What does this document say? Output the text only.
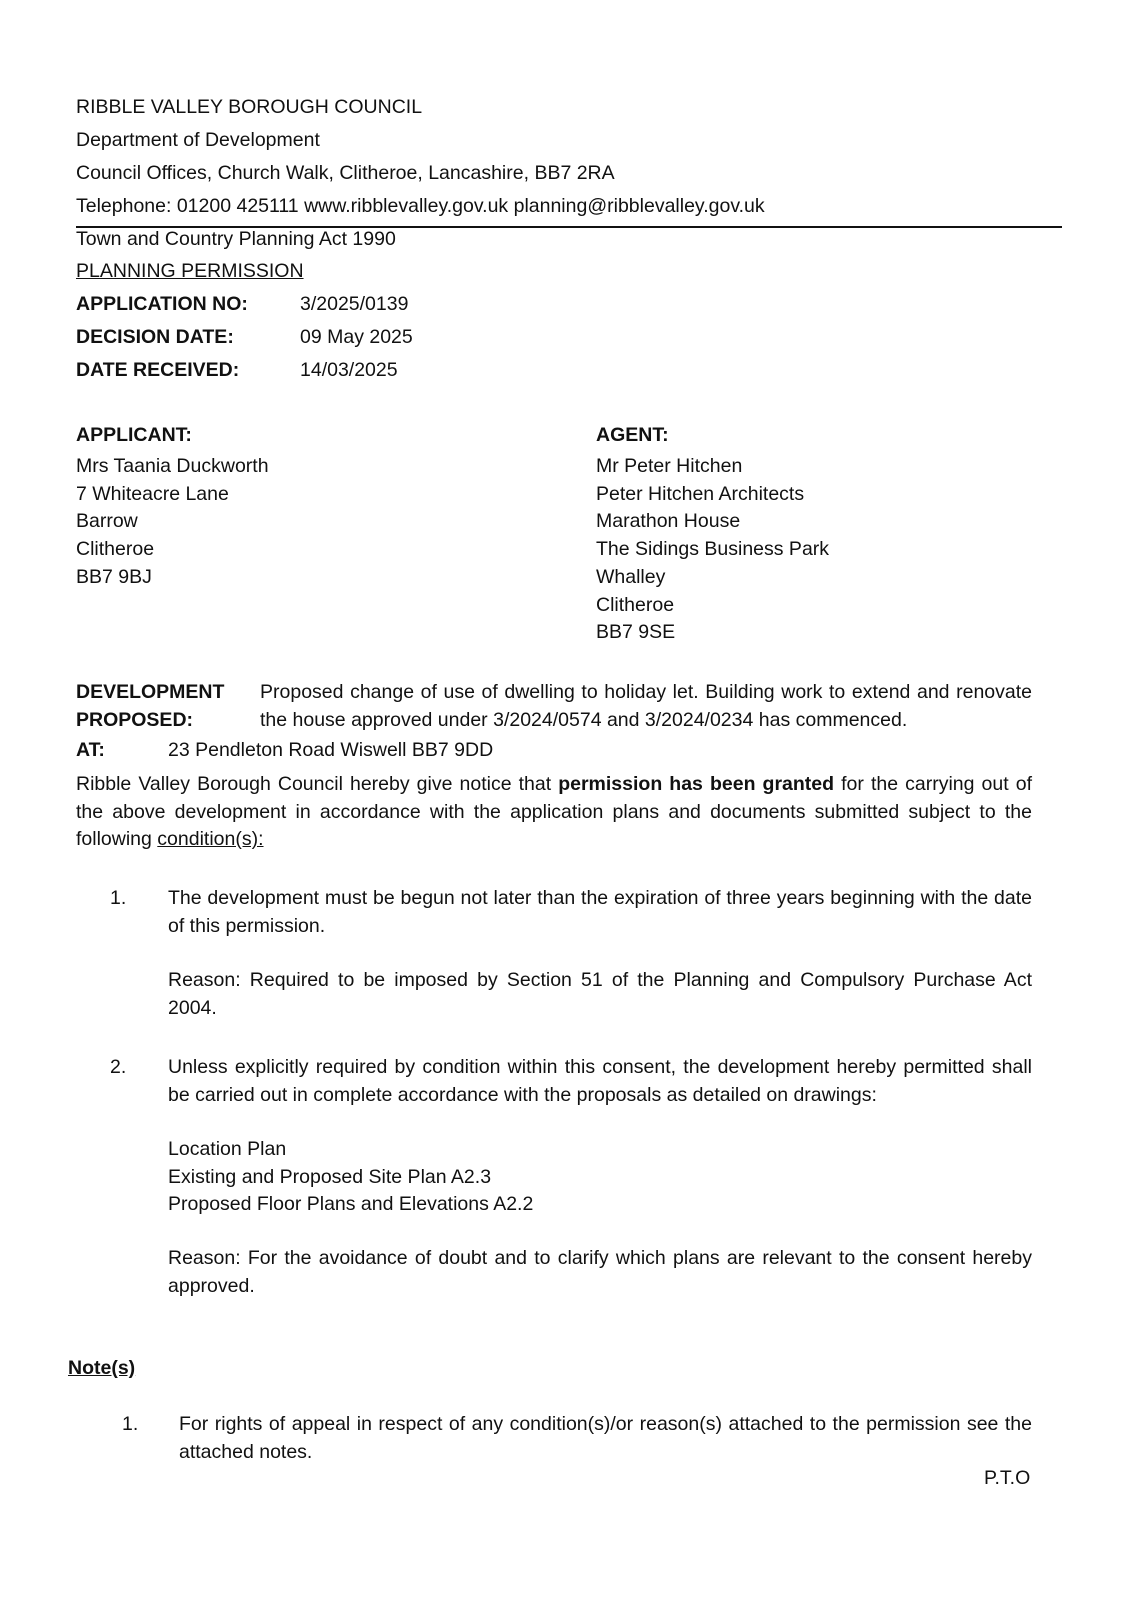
RIBBLE VALLEY BOROUGH COUNCIL
Department of Development
Council Offices, Church Walk, Clitheroe, Lancashire, BB7 2RA
Telephone: 01200 425111 www.ribblevalley.gov.uk planning@ribblevalley.gov.uk
Town and Country Planning Act 1990
PLANNING PERMISSION
APPLICATION NO:	3/2025/0139
DECISION DATE:	09 May 2025
DATE RECEIVED:	14/03/2025
APPLICANT:
Mrs Taania Duckworth
7 Whiteacre Lane
Barrow
Clitheroe
BB7 9BJ
AGENT:
Mr Peter Hitchen
Peter Hitchen Architects
Marathon House
The Sidings Business Park
Whalley
Clitheroe
BB7 9SE
DEVELOPMENT
PROPOSED:
Proposed change of use of dwelling to holiday let. Building work to extend and renovate the house approved under 3/2024/0574 and 3/2024/0234 has commenced.
AT:	23 Pendleton Road Wiswell BB7 9DD
Ribble Valley Borough Council hereby give notice that permission has been granted for the carrying out of the above development in accordance with the application plans and documents submitted subject to the following condition(s):
1. The development must be begun not later than the expiration of three years beginning with the date of this permission.
Reason: Required to be imposed by Section 51 of the Planning and Compulsory Purchase Act 2004.
2. Unless explicitly required by condition within this consent, the development hereby permitted shall be carried out in complete accordance with the proposals as detailed on drawings:
Location Plan
Existing and Proposed Site Plan A2.3
Proposed Floor Plans and Elevations A2.2
Reason: For the avoidance of doubt and to clarify which plans are relevant to the consent hereby approved.
Note(s)
1. For rights of appeal in respect of any condition(s)/or reason(s) attached to the permission see the attached notes.
P.T.O
